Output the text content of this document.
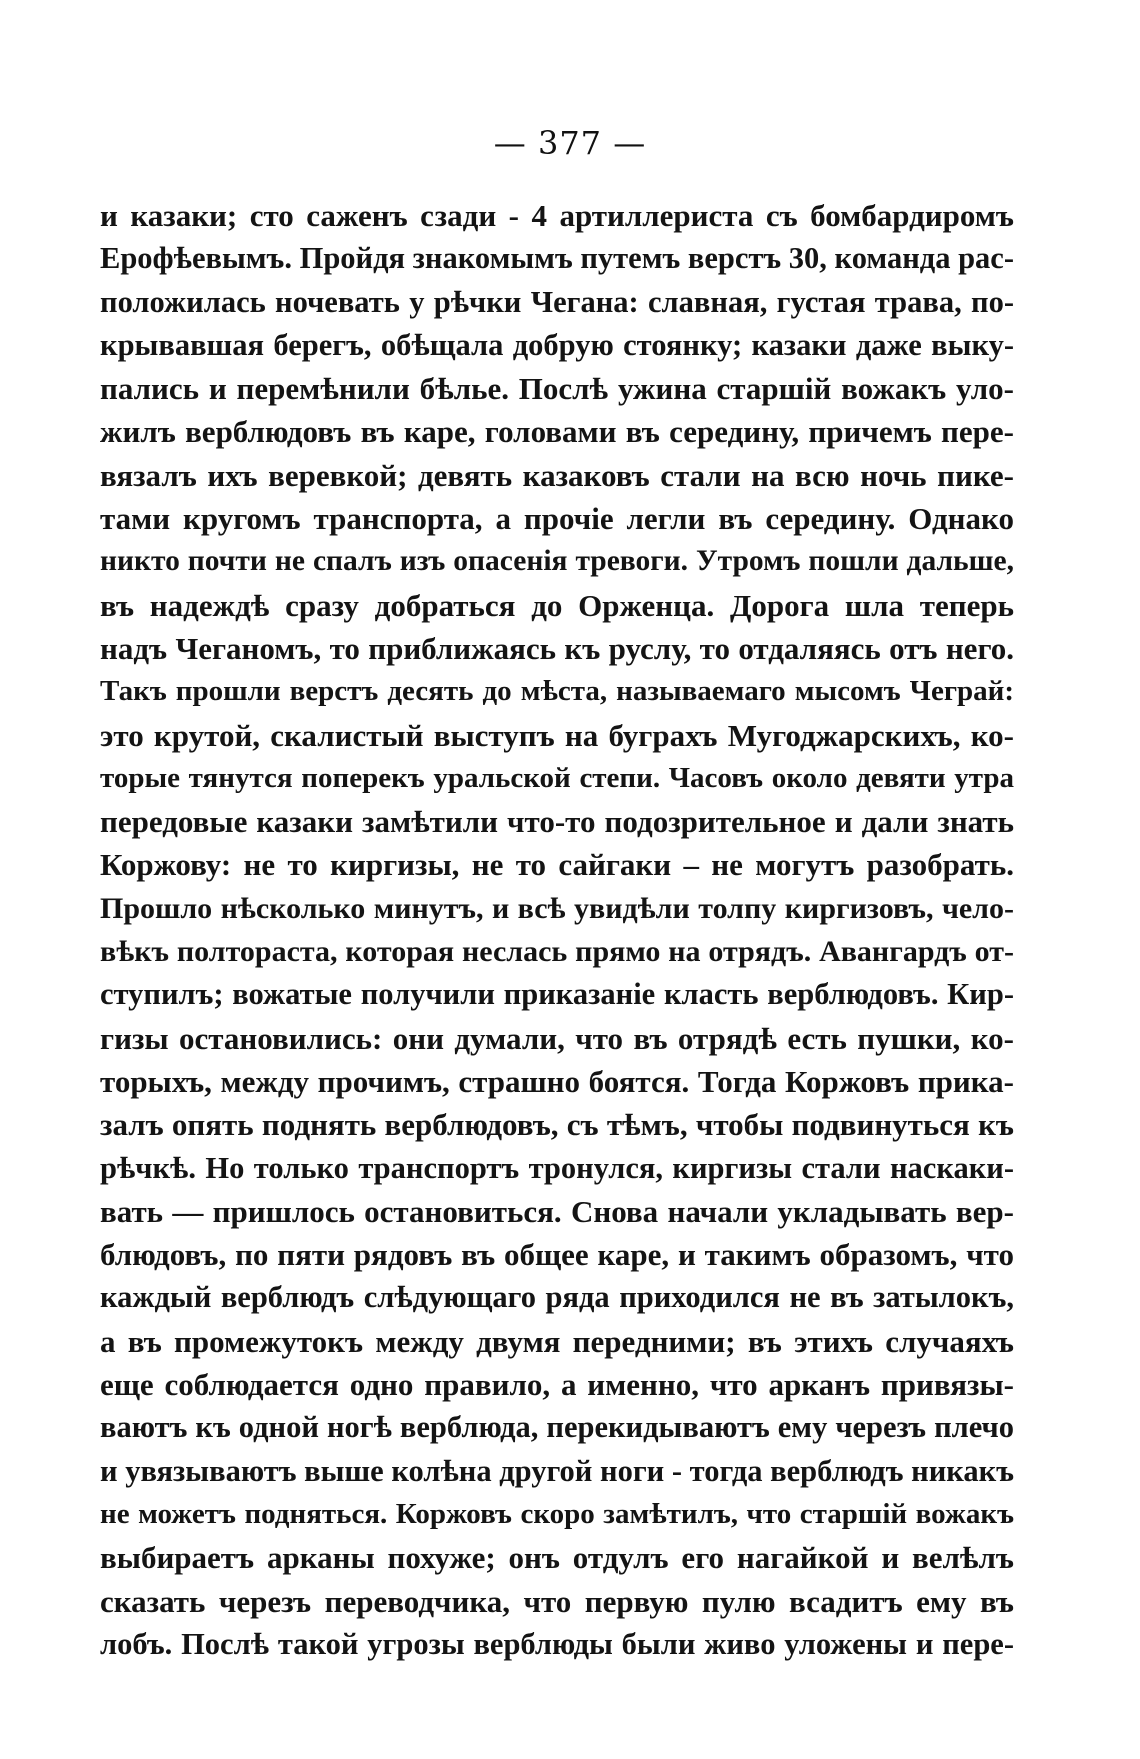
— 377 —
и казаки; сто саженъ сзади - 4 артиллериста съ бомбардиромъ
Ерофѣевымъ. Пройдя знакомымъ путемъ верстъ 30, команда рас-
положилась ночевать у рѣчки Чегана: славная, густая трава, по-
крывавшая берегъ, обѣщала добрую стоянку; казаки даже выку-
пались и перемѣнили бѣлье. Послѣ ужина старшiй вожакъ уло-
жилъ верблюдовъ въ каре, головами въ середину, причемъ пере-
вязалъ ихъ веревкой; девять казаковъ стали на всю ночь пике-
тами кругомъ транспорта, а прочiе легли въ середину. Однако
никто почти не спалъ изъ опасенiя тревоги. Утромъ пошли дальше,
въ надеждѣ сразу добраться до Орженца. Дорога шла теперь
надъ Чеганомъ, то приближаясь къ руслу, то отдаляясь отъ него.
Такъ прошли верстъ десять до мѣста, называемаго мысомъ Чеграй:
это крутой, скалистый выступъ на буграхъ Мугоджарскихъ, ко-
торые тянутся поперекъ уральской степи. Часовъ около девяти утра
передовые казаки замѣтили что-то подозрительное и дали знать
Коржову: не то киргизы, не то сайгаки – не могутъ разобрать.
Прошло нѣсколько минутъ, и всѣ увидѣли толпу киргизовъ, чело-
вѣкъ полтораста, которая неслась прямо на отрядъ. Авангардъ от-
ступилъ; вожатые получили приказанiе класть верблюдовъ. Кир-
гизы остановились: они думали, что въ отрядѣ есть пушки, ко-
торыхъ, между прочимъ, страшно боятся. Тогда Коржовъ прика-
залъ опять поднять верблюдовъ, съ тѣмъ, чтобы подвинуться къ
рѣчкѣ. Но только транспортъ тронулся, киргизы стали наскаки-
вать — пришлось остановиться. Снова начали укладывать вер-
блюдовъ, по пяти рядовъ въ общее каре, и такимъ образомъ, что
каждый верблюдъ слѣдующаго ряда приходился не въ затылокъ,
а въ промежутокъ между двумя передними; въ этихъ случаяхъ
еще соблюдается одно правило, а именно, что арканъ привязы-
ваютъ къ одной ногѣ верблюда, перекидываютъ ему черезъ плечо
и увязываютъ выше колѣна другой ноги - тогда верблюдъ никакъ
не можетъ подняться. Коржовъ скоро замѣтилъ, что старшiй вожакъ
выбираетъ арканы похуже; онъ отдулъ его нагайкой и велѣлъ
сказать черезъ переводчика, что первую пулю всадитъ ему въ
лобъ. Послѣ такой угрозы верблюды были живо уложены и пере-
